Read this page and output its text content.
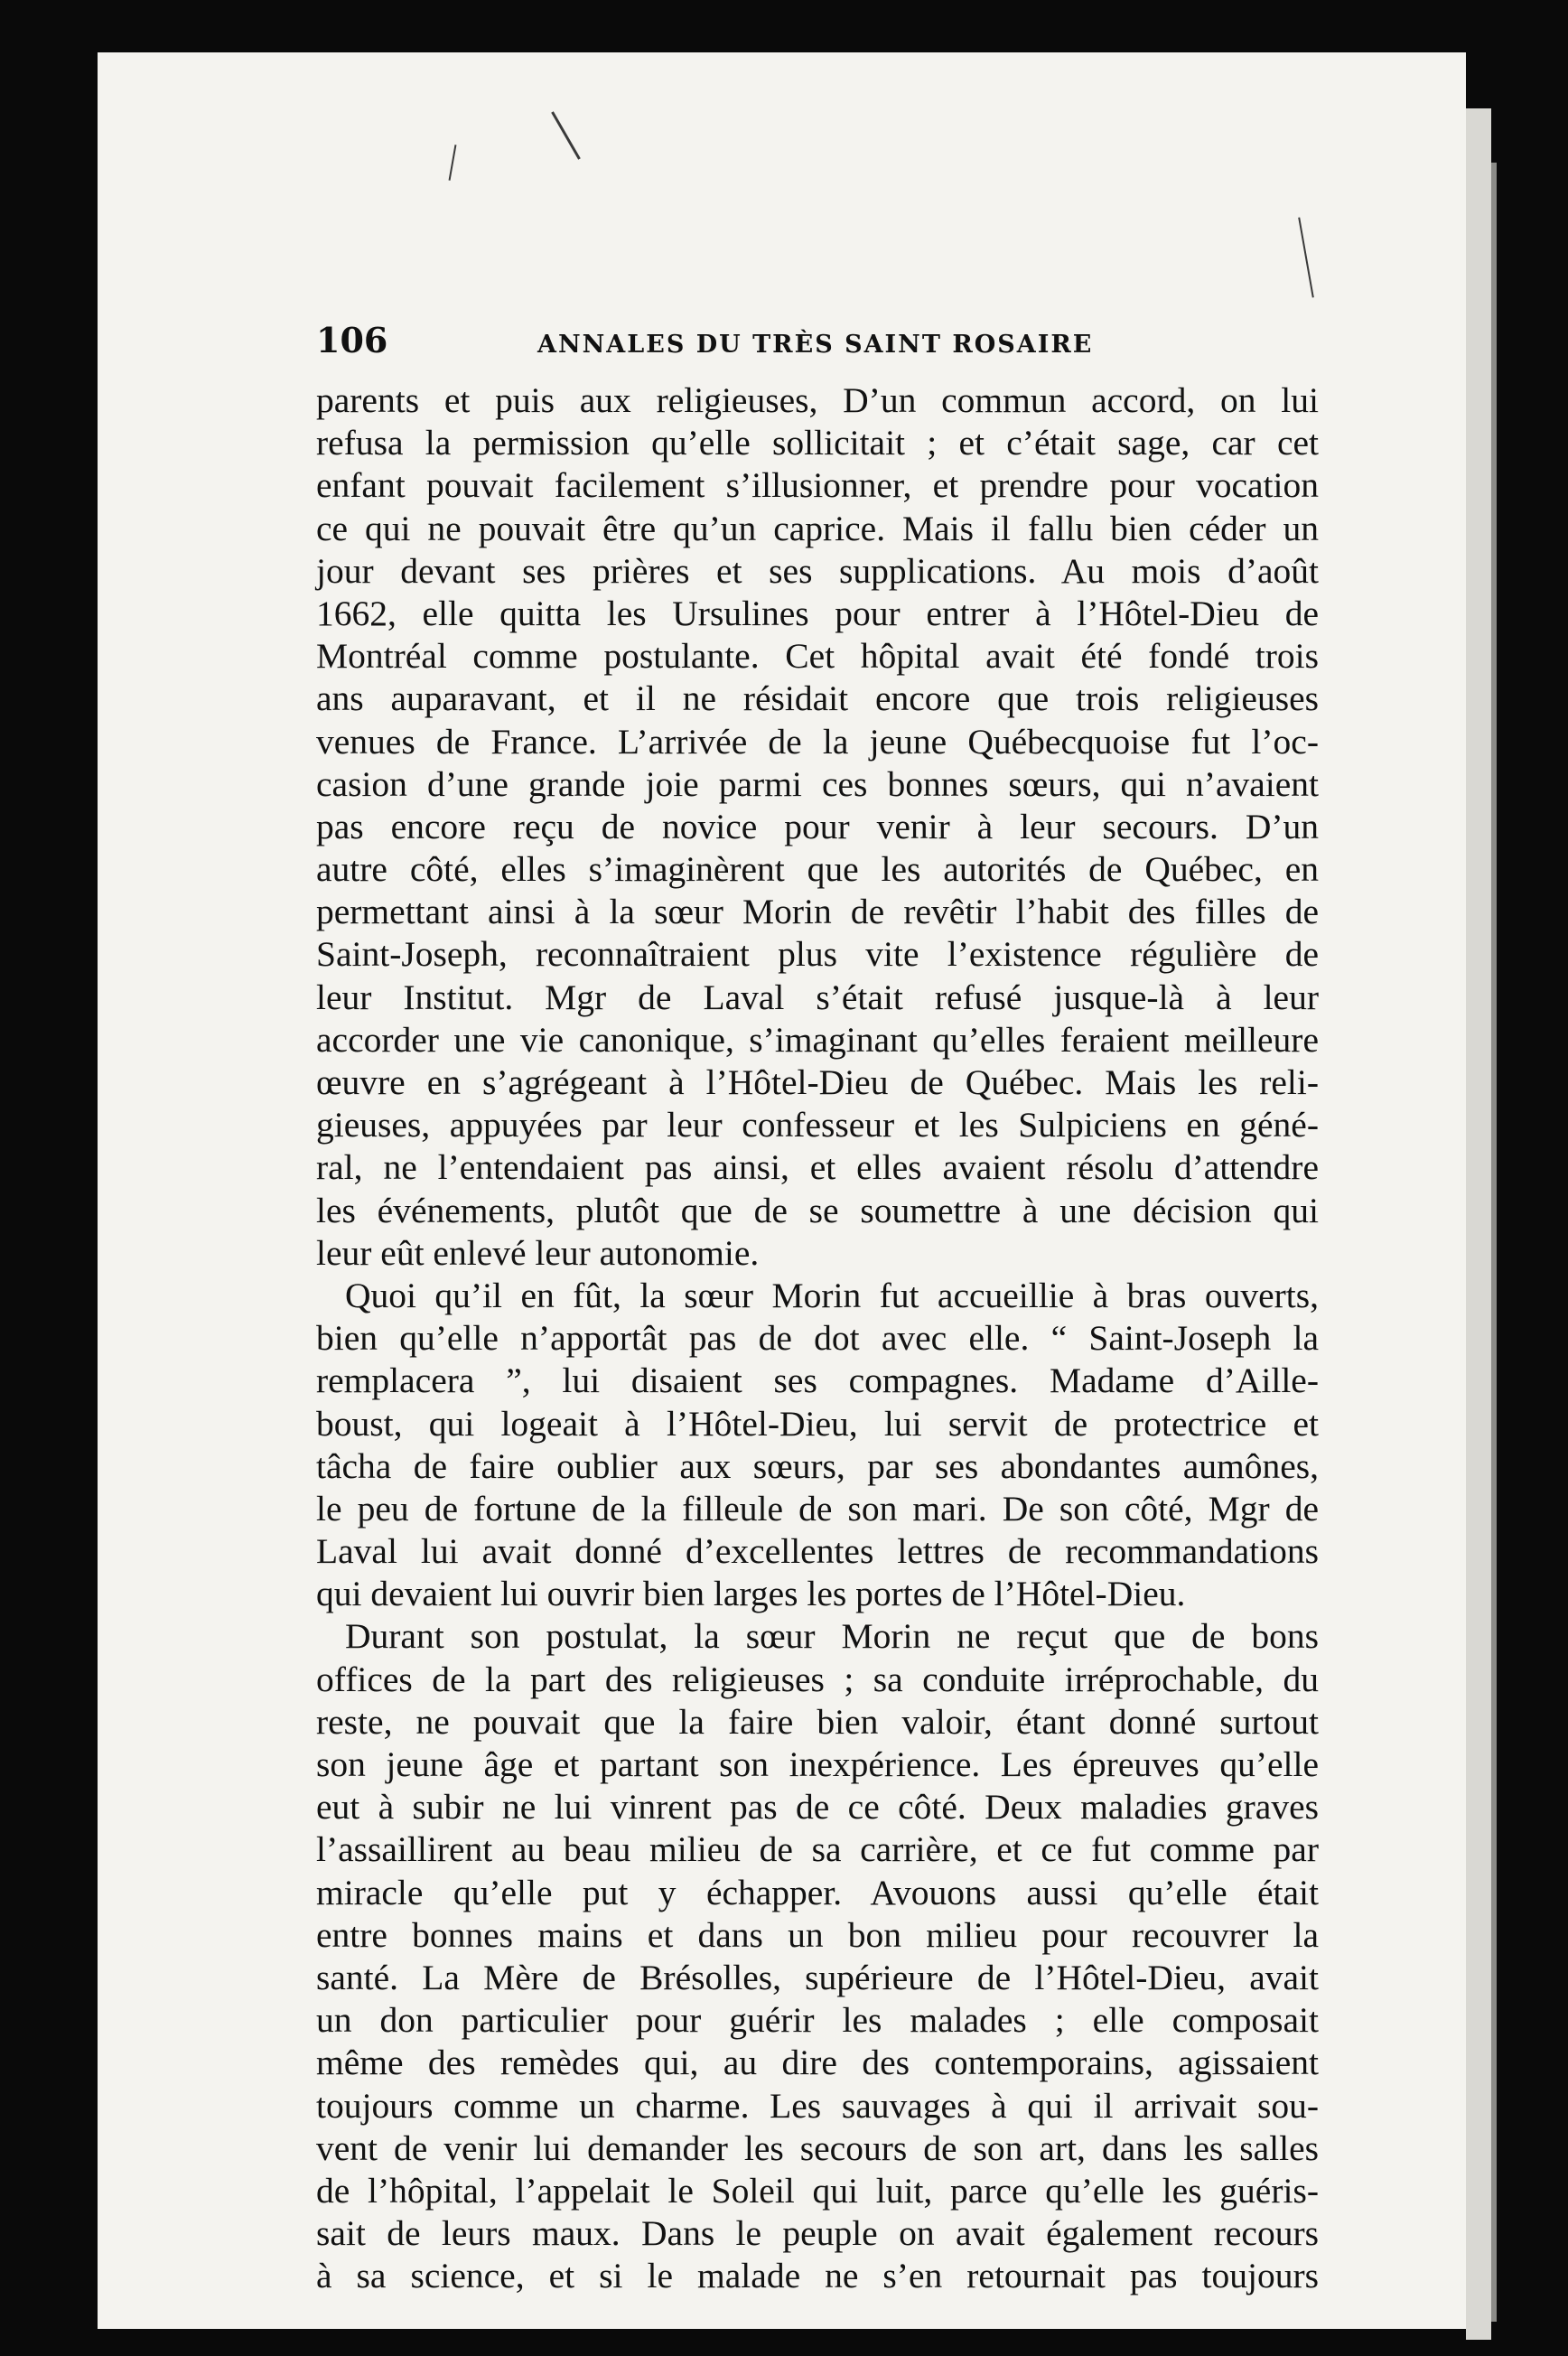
106	ANNALES DU TRÈS SAINT ROSAIRE
parents et puis aux religieuses, D’un commun accord, on lui
refusa la permission qu’elle sollicitait ; et c’était sage, car cet
enfant pouvait facilement s’illusionner, et prendre pour vocation
ce qui ne pouvait être qu’un caprice. Mais il fallu bien céder un
jour devant ses prières et ses supplications. Au mois d’août
1662, elle quitta les Ursulines pour entrer à l’Hôtel-Dieu de
Montréal comme postulante. Cet hôpital avait été fondé trois
ans auparavant, et il ne résidait encore que trois religieuses
venues de France. L’arrivée de la jeune Québecquoise fut l’oc-
casion d’une grande joie parmi ces bonnes sœurs, qui n’avaient
pas encore reçu de novice pour venir à leur secours. D’un
autre côté, elles s’imaginèrent que les autorités de Québec, en
permettant ainsi à la sœur Morin de revêtir l’habit des filles de
Saint-Joseph, reconnaîtraient plus vite l’existence régulière de
leur Institut. Mgr de Laval s’était refusé jusque-là à leur
accorder une vie canonique, s’imaginant qu’elles feraient meilleure
œuvre en s’agrégeant à l’Hôtel-Dieu de Québec. Mais les reli-
gieuses, appuyées par leur confesseur et les Sulpiciens en géné-
ral, ne l’entendaient pas ainsi, et elles avaient résolu d’attendre
les événements, plutôt que de se soumettre à une décision qui
leur eût enlevé leur autonomie.
Quoi qu’il en fût, la sœur Morin fut accueillie à bras ouverts,
bien qu’elle n’apportât pas de dot avec elle. “ Saint-Joseph la
remplacera ”, lui disaient ses compagnes. Madame d’Aille-
boust, qui logeait à l’Hôtel-Dieu, lui servit de protectrice et
tâcha de faire oublier aux sœurs, par ses abondantes aumônes,
le peu de fortune de la filleule de son mari. De son côté, Mgr de
Laval lui avait donné d’excellentes lettres de recommandations
qui devaient lui ouvrir bien larges les portes de l’Hôtel-Dieu.
Durant son postulat, la sœur Morin ne reçut que de bons
offices de la part des religieuses ; sa conduite irréprochable, du
reste, ne pouvait que la faire bien valoir, étant donné surtout
son jeune âge et partant son inexpérience. Les épreuves qu’elle
eut à subir ne lui vinrent pas de ce côté. Deux maladies graves
l’assaillirent au beau milieu de sa carrière, et ce fut comme par
miracle qu’elle put y échapper. Avouons aussi qu’elle était
entre bonnes mains et dans un bon milieu pour recouvrer la
santé. La Mère de Brésolles, supérieure de l’Hôtel-Dieu, avait
un don particulier pour guérir les malades ; elle composait
même des remèdes qui, au dire des contemporains, agissaient
toujours comme un charme. Les sauvages à qui il arrivait sou-
vent de venir lui demander les secours de son art, dans les salles
de l’hôpital, l’appelait le Soleil qui luit, parce qu’elle les guéris-
sait de leurs maux. Dans le peuple on avait également recours
à sa science, et si le malade ne s’en retournait pas toujours
